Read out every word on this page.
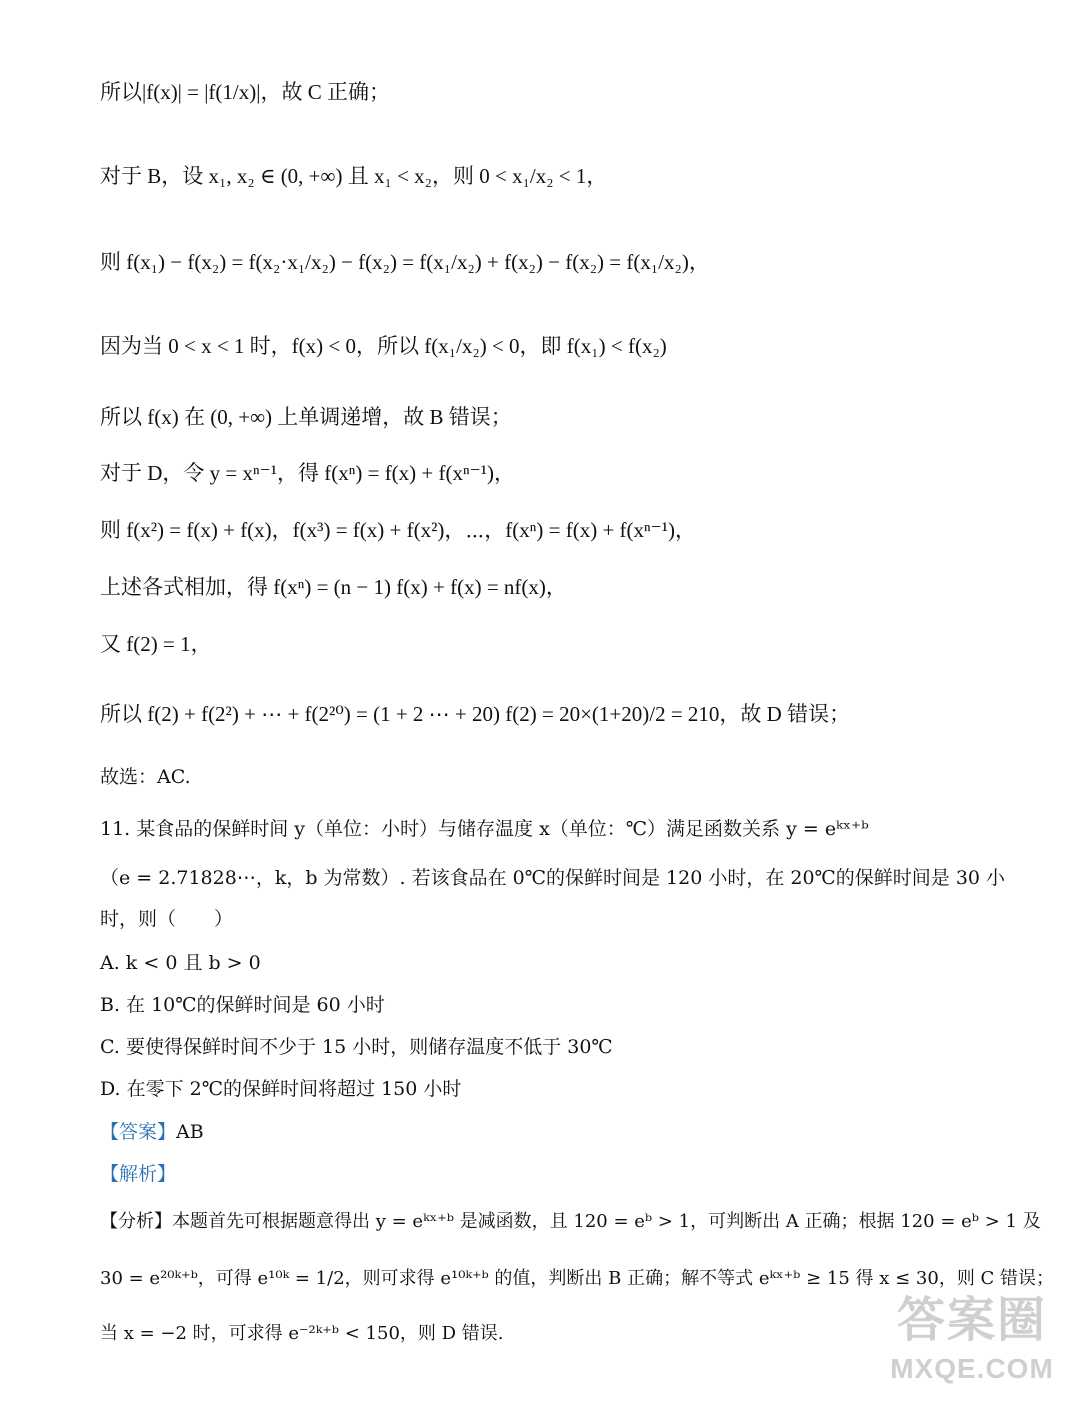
所以|f(x)| = |f(1/x)|，故 C 正确；
对于 B，设 x₁, x₂ ∈ (0, +∞) 且 x₁ < x₂，则 0 < x₁/x₂ < 1，
则 f(x₁) − f(x₂) = f(x₂·x₁/x₂) − f(x₂) = f(x₁/x₂) + f(x₂) − f(x₂) = f(x₁/x₂)，
因为当 0 < x < 1 时，f(x) < 0，所以 f(x₁/x₂) < 0，即 f(x₁) < f(x₂)
所以 f(x) 在 (0, +∞) 上单调递增，故 B 错误；
对于 D，令 y = xⁿ⁻¹，得 f(xⁿ) = f(x) + f(xⁿ⁻¹)，
则 f(x²) = f(x) + f(x)，f(x³) = f(x) + f(x²)，⋯，f(xⁿ) = f(x) + f(xⁿ⁻¹)，
上述各式相加，得 f(xⁿ) = (n − 1) f(x) + f(x) = nf(x)，
又 f(2) = 1，
所以 f(2) + f(2²) + ⋯ + f(2²⁰) = (1 + 2 ⋯ + 20) f(2) = 20×(1+20)/2 = 210，故 D 错误；
故选：AC.
11. 某食品的保鲜时间 y（单位：小时）与储存温度 x（单位：℃）满足函数关系 y = eᵏˣ⁺ᵇ
（e = 2.71828⋯，k，b 为常数）. 若该食品在 0℃的保鲜时间是 120 小时，在 20℃的保鲜时间是 30 小
时，则（　　）
A. k < 0 且 b > 0
B. 在 10℃的保鲜时间是 60 小时
C. 要使得保鲜时间不少于 15 小时，则储存温度不低于 30℃
D. 在零下 2℃的保鲜时间将超过 150 小时
【答案】AB
【解析】
【分析】本题首先可根据题意得出 y = eᵏˣ⁺ᵇ 是减函数，且 120 = eᵇ > 1，可判断出 A 正确；根据 120 = eᵇ > 1 及
30 = e²⁰ᵏ⁺ᵇ，可得 e¹⁰ᵏ = 1/2，则可求得 e¹⁰ᵏ⁺ᵇ 的值，判断出 B 正确；解不等式 eᵏˣ⁺ᵇ ≥ 15 得 x ≤ 30，则 C 错误；
当 x = −2 时，可求得 e⁻²ᵏ⁺ᵇ < 150，则 D 错误.	答案圈
MXQE.COM
